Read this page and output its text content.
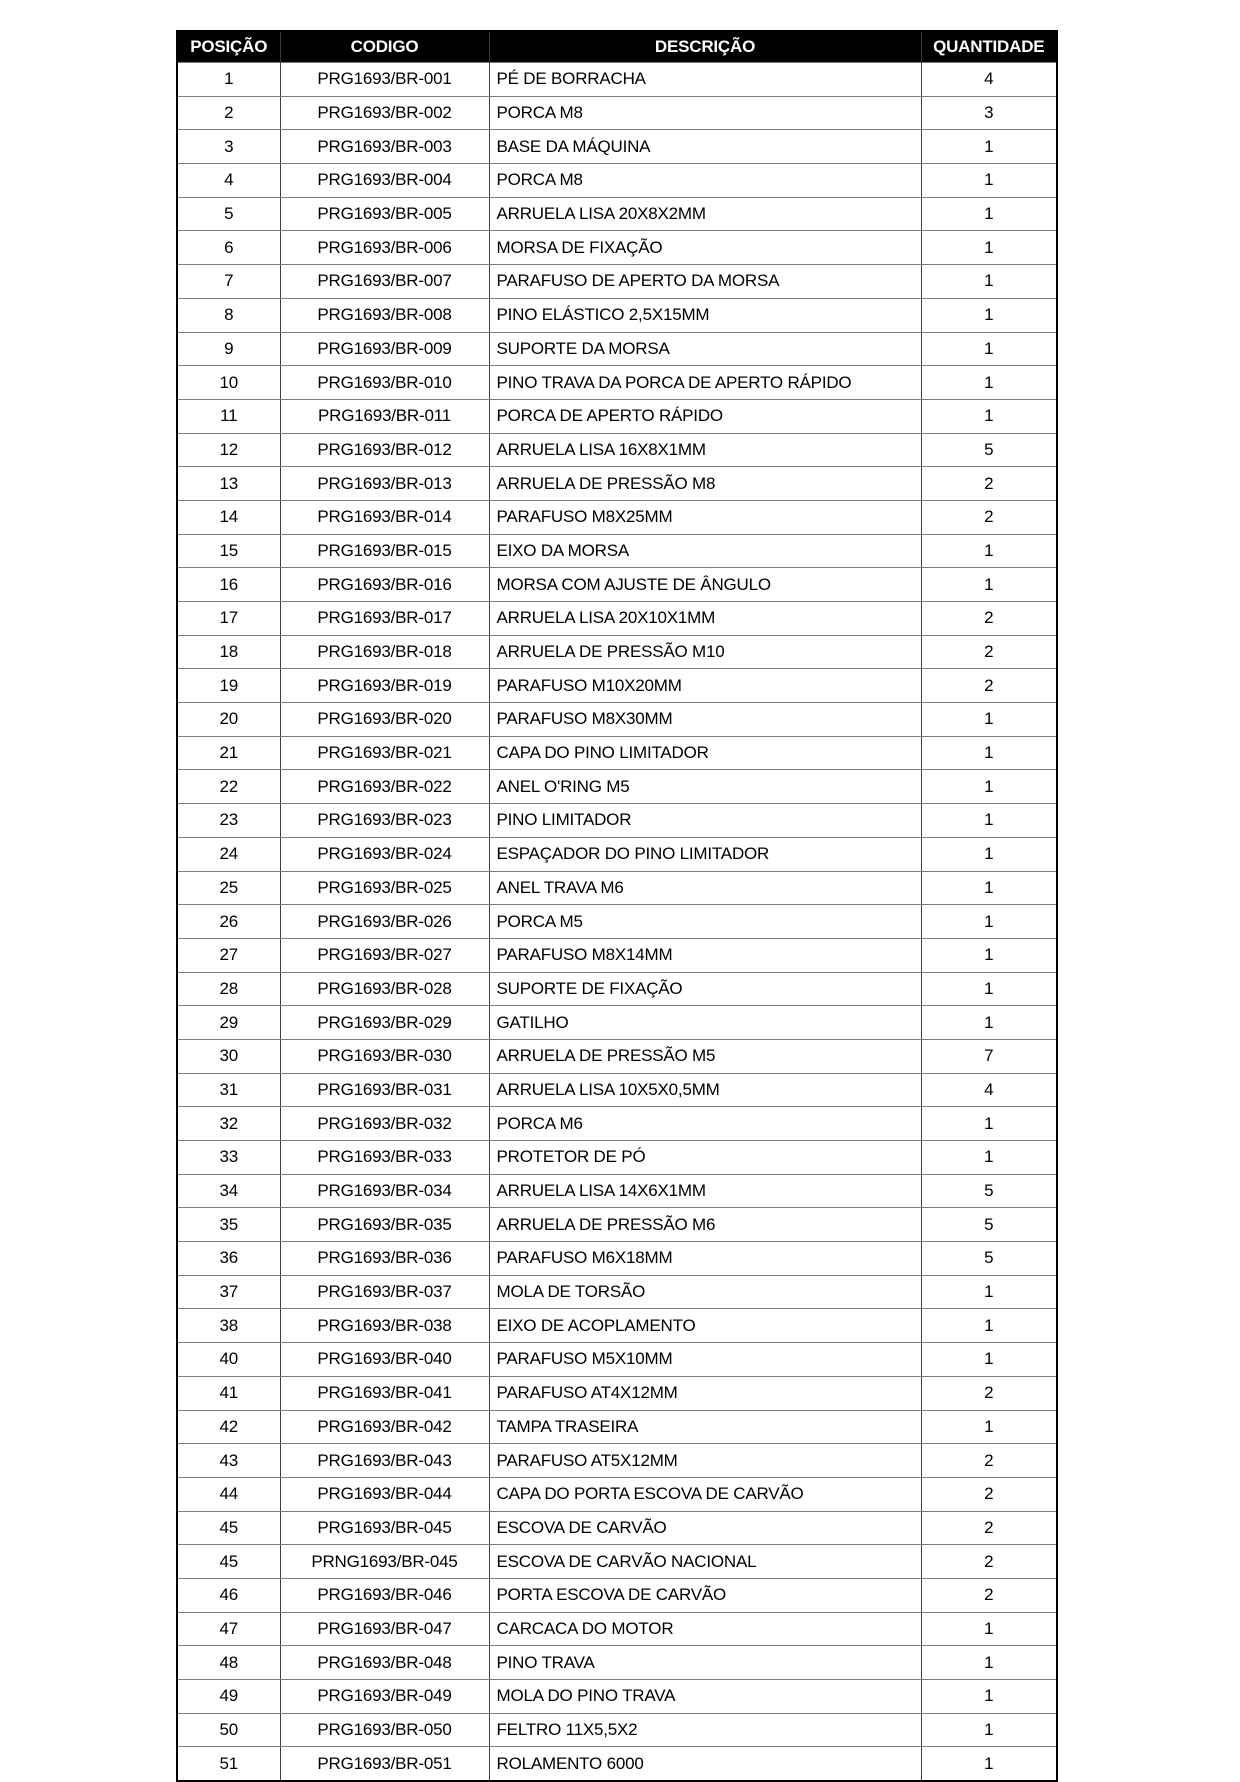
POSIÇÃO	CODIGO	DESCRIÇÃO	QUANTIDADE
1	PRG1693/BR-001	PÉ DE BORRACHA	4
2	PRG1693/BR-002	PORCA M8	3
3	PRG1693/BR-003	BASE DA MÁQUINA	1
4	PRG1693/BR-004	PORCA M8	1
5	PRG1693/BR-005	ARRUELA LISA 20X8X2MM	1
6	PRG1693/BR-006	MORSA DE FIXAÇÃO	1
7	PRG1693/BR-007	PARAFUSO DE APERTO DA MORSA	1
8	PRG1693/BR-008	PINO ELÁSTICO 2,5X15MM	1
9	PRG1693/BR-009	SUPORTE DA MORSA	1
10	PRG1693/BR-010	PINO TRAVA DA PORCA DE APERTO RÁPIDO	1
11	PRG1693/BR-011	PORCA DE APERTO RÁPIDO	1
12	PRG1693/BR-012	ARRUELA LISA 16X8X1MM	5
13	PRG1693/BR-013	ARRUELA DE PRESSÃO M8	2
14	PRG1693/BR-014	PARAFUSO M8X25MM	2
15	PRG1693/BR-015	EIXO DA MORSA	1
16	PRG1693/BR-016	MORSA COM AJUSTE DE ÂNGULO	1
17	PRG1693/BR-017	ARRUELA LISA 20X10X1MM	2
18	PRG1693/BR-018	ARRUELA DE PRESSÃO M10	2
19	PRG1693/BR-019	PARAFUSO M10X20MM	2
20	PRG1693/BR-020	PARAFUSO M8X30MM	1
21	PRG1693/BR-021	CAPA DO PINO LIMITADOR	1
22	PRG1693/BR-022	ANEL O'RING M5	1
23	PRG1693/BR-023	PINO LIMITADOR	1
24	PRG1693/BR-024	ESPAÇADOR DO PINO LIMITADOR	1
25	PRG1693/BR-025	ANEL TRAVA M6	1
26	PRG1693/BR-026	PORCA M5	1
27	PRG1693/BR-027	PARAFUSO M8X14MM	1
28	PRG1693/BR-028	SUPORTE DE FIXAÇÃO	1
29	PRG1693/BR-029	GATILHO	1
30	PRG1693/BR-030	ARRUELA DE PRESSÃO M5	7
31	PRG1693/BR-031	ARRUELA LISA 10X5X0,5MM	4
32	PRG1693/BR-032	PORCA M6	1
33	PRG1693/BR-033	PROTETOR DE PÓ	1
34	PRG1693/BR-034	ARRUELA LISA 14X6X1MM	5
35	PRG1693/BR-035	ARRUELA DE PRESSÃO M6	5
36	PRG1693/BR-036	PARAFUSO M6X18MM	5
37	PRG1693/BR-037	MOLA DE TORSÃO	1
38	PRG1693/BR-038	EIXO DE ACOPLAMENTO	1
40	PRG1693/BR-040	PARAFUSO M5X10MM	1
41	PRG1693/BR-041	PARAFUSO AT4X12MM	2
42	PRG1693/BR-042	TAMPA TRASEIRA	1
43	PRG1693/BR-043	PARAFUSO AT5X12MM	2
44	PRG1693/BR-044	CAPA DO PORTA ESCOVA DE CARVÃO	2
45	PRG1693/BR-045	ESCOVA DE CARVÃO	2
45	PRNG1693/BR-045	ESCOVA DE CARVÃO NACIONAL	2
46	PRG1693/BR-046	PORTA ESCOVA DE CARVÃO	2
47	PRG1693/BR-047	CARCACA DO MOTOR	1
48	PRG1693/BR-048	PINO TRAVA	1
49	PRG1693/BR-049	MOLA DO PINO TRAVA	1
50	PRG1693/BR-050	FELTRO 11X5,5X2	1
51	PRG1693/BR-051	ROLAMENTO 6000	1
